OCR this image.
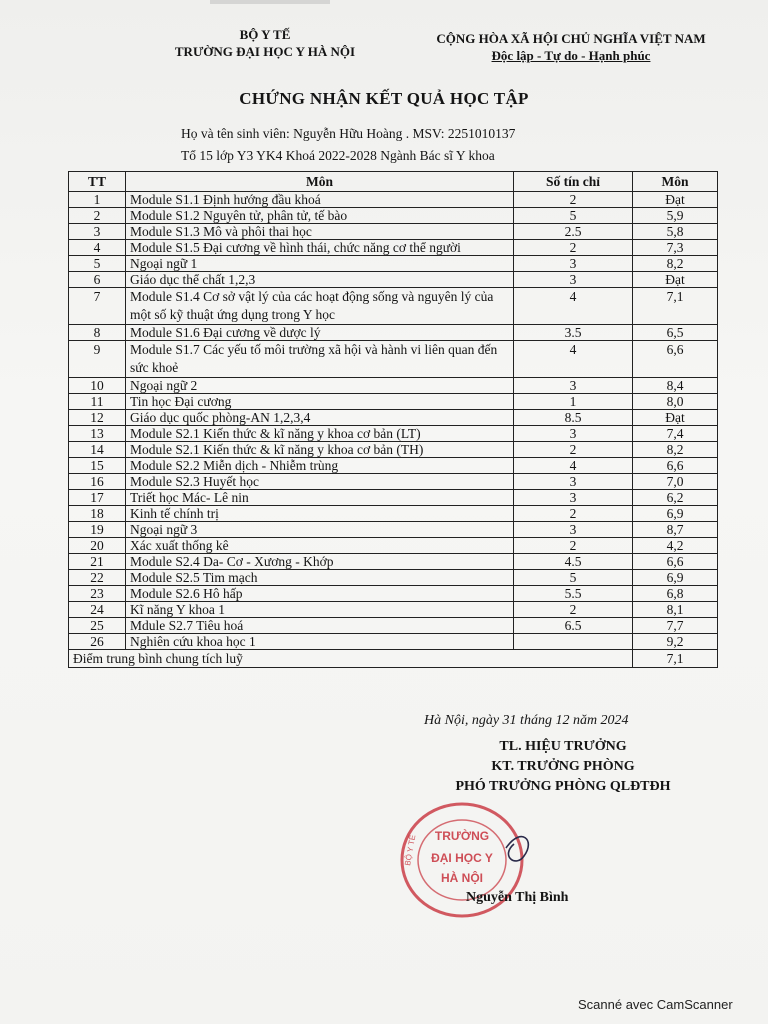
BỘ Y TẾ
TRƯỜNG ĐẠI HỌC Y HÀ NỘI
CỘNG HÒA XÃ HỘI CHỦ NGHĨA VIỆT NAM
Độc lập - Tự do - Hạnh phúc
CHỨNG NHẬN KẾT QUẢ HỌC TẬP
Họ và tên sinh viên: Nguyễn Hữu Hoàng . MSV: 2251010137
Tổ 15 lớp Y3 YK4 Khoá 2022-2028 Ngành Bác sĩ Y khoa
TT	Môn	Số tín chỉ	Môn
1	Module S1.1 Định hướng đầu khoá	2	Đạt
2	Module S1.2 Nguyên tử, phân tử, tế bào	5	5,9
3	Module S1.3 Mô và phôi thai học	2.5	5,8
4	Module S1.5 Đại cương về hình thái, chức năng cơ thể người	2	7,3
5	Ngoại ngữ 1	3	8,2
6	Giáo dục thể chất 1,2,3	3	Đạt
7	Module S1.4 Cơ sở vật lý của các hoạt động sống và nguyên lý của một số kỹ thuật ứng dụng trong Y học	4	7,1
8	Module S1.6 Đại cương về dược lý	3.5	6,5
9	Module S1.7 Các yếu tố môi trường xã hội và hành vi liên quan đến sức khoẻ	4	6,6
10	Ngoại ngữ 2	3	8,4
11	Tin học Đại cương	1	8,0
12	Giáo dục quốc phòng-AN 1,2,3,4	8.5	Đạt
13	Module S2.1 Kiến thức & kĩ năng y khoa cơ bản (LT)	3	7,4
14	Module S2.1 Kiến thức & kĩ năng y khoa cơ bản (TH)	2	8,2
15	Module S2.2 Miễn dịch - Nhiễm trùng	4	6,6
16	Module S2.3 Huyết học	3	7,0
17	Triết học Mác- Lê nin	3	6,2
18	Kinh tế chính trị	2	6,9
19	Ngoại ngữ 3	3	8,7
20	Xác xuất thống kê	2	4,2
21	Module S2.4 Da- Cơ - Xương - Khớp	4.5	6,6
22	Module S2.5 Tim mạch	5	6,9
23	Module S2.6 Hô hấp	5.5	6,8
24	Kĩ năng Y khoa 1	2	8,1
25	Mdule S2.7 Tiêu hoá	6.5	7,7
26	Nghiên cứu khoa học 1		9,2
Điểm trung bình chung tích luỹ			7,1
Hà Nội, ngày 31 tháng 12 năm 2024
TL. HIỆU TRƯỞNG
KT. TRƯỞNG PHÒNG
PHÓ TRƯỞNG PHÒNG QLĐTĐH
TRƯỜNG
ĐẠI HỌC Y
HÀ NỘI
BỘ Y TẾ
Nguyễn Thị Bình
Scanné avec CamScanner
